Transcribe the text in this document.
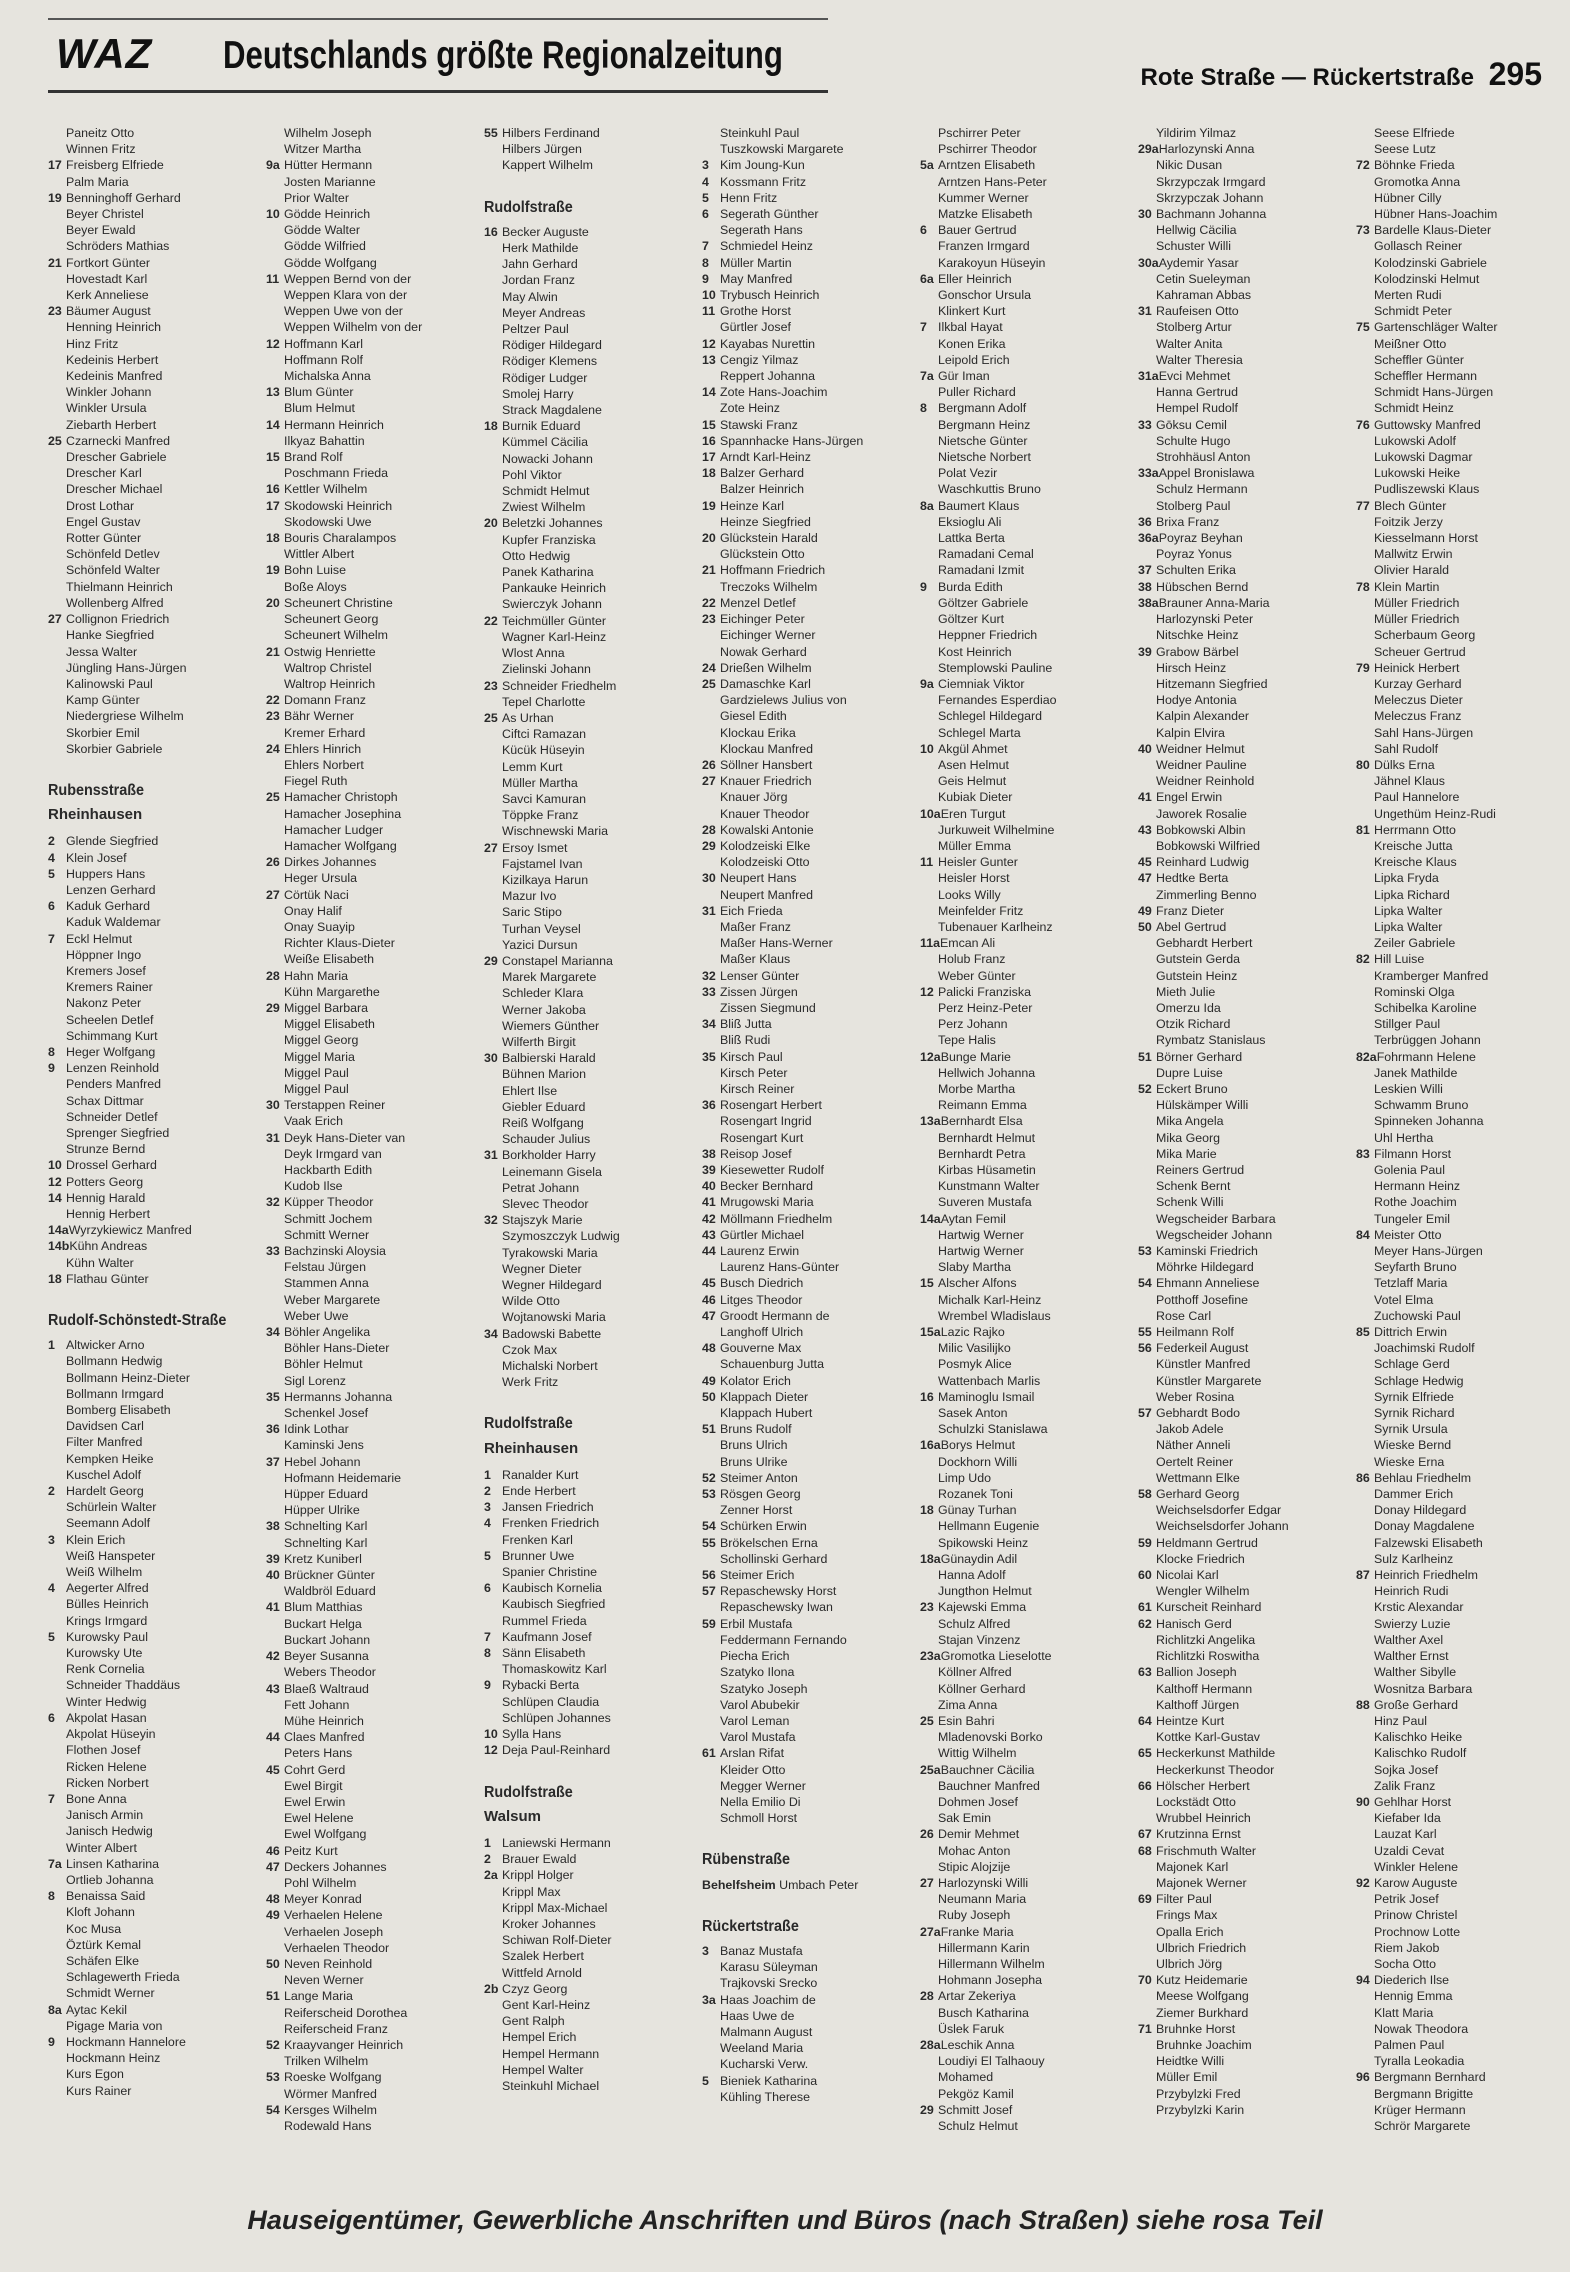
WAZ Deutschlands größte Regionalzeitung
Rote Straße — Rückertstraße 295
Paneitz Otto
Winnen Fritz
17 Freisberg Elfriede
Palm Maria
19 Benninghoff Gerhard
Beyer Christel
Beyer Ewald
Schröders Mathias
21 Fortkort Günter
Hovestadt Karl
Kerk Anneliese
23 Bäumer August
Henning Heinrich
Hinz Fritz
Kedeinis Herbert
Kedeinis Manfred
Winkler Johann
Winkler Ursula
Ziebarth Herbert
25 Czarnecki Manfred
Drescher Gabriele
Drescher Karl
Drescher Michael
Drost Lothar
Engel Gustav
Rotter Günter
Schönfeld Detlev
Schönfeld Walter
Thielmann Heinrich
Wollenberg Alfred
27 Collignon Friedrich
Hanke Siegfried
Jessa Walter
Jüngling Hans-Jürgen
Kalinowski Paul
Kamp Günter
Niedergriese Wilhelm
Skorbier Emil
Skorbier Gabriele
Rubensstraße
Rheinhausen
2 Glende Siegfried
4 Klein Josef
5 Huppers Hans
Lenzen Gerhard
6 Kaduk Gerhard
Kaduk Waldemar
7 Eckl Helmut
Höppner Ingo
Kremers Josef
Kremers Rainer
Nakonz Peter
Scheelen Detlef
Schimmang Kurt
8 Heger Wolfgang
9 Lenzen Reinhold
Penders Manfred
Schax Dittmar
Schneider Detlef
Sprenger Siegfried
Strunze Bernd
10 Drossel Gerhard
12 Potters Georg
14 Hennig Harald
Hennig Herbert
14aWyrzykiewicz Manfred
14bKühn Andreas
Kühn Walter
18 Flathau Günter
Rudolf-Schönstedt-Straße
1 Altwicker Arno
Bollmann Hedwig
Bollmann Heinz-Dieter
Bollmann Irmgard
Bomberg Elisabeth
Davidsen Carl
Filter Manfred
Kempken Heike
Kuschel Adolf
2 Hardelt Georg
Schürlein Walter
Seemann Adolf
3 Klein Erich
Weiß Hanspeter
Weiß Wilhelm
4 Aegerter Alfred
Bülles Heinrich
Krings Irmgard
5 Kurowsky Paul
Kurowsky Ute
Renk Cornelia
Schneider Thaddäus
Winter Hedwig
6 Akpolat Hasan
Akpolat Hüseyin
Flothen Josef
Ricken Helene
Ricken Norbert
7 Bone Anna
Janisch Armin
Janisch Hedwig
Winter Albert
7a Linsen Katharina
Ortlieb Johanna
8 Benaissa Said
Kloft Johann
Koc Musa
Öztürk Kemal
Schäfen Elke
Schlagewerth Frieda
Schmidt Werner
8a Aytac Kekil
Pigage Maria von
9 Hockmann Hannelore
Hockmann Heinz
Kurs Egon
Kurs Rainer
Wilhelm Joseph
Witzer Martha
9a Hütter Hermann
Josten Marianne
Prior Walter
10 Gödde Heinrich
Gödde Walter
Gödde Wilfried
Gödde Wolfgang
11 Weppen Bernd von der
Weppen Klara von der
Weppen Uwe von der
Weppen Wilhelm von der
12 Hoffmann Karl
Hoffmann Rolf
Michalska Anna
13 Blum Günter
Blum Helmut
14 Hermann Heinrich
Ilkyaz Bahattin
15 Brand Rolf
Poschmann Frieda
16 Kettler Wilhelm
17 Skodowski Heinrich
Skodowski Uwe
18 Bouris Charalampos
Wittler Albert
19 Bohn Luise
Boße Aloys
20 Scheunert Christine
Scheunert Georg
Scheunert Wilhelm
21 Ostwig Henriette
Waltrop Christel
Waltrop Heinrich
22 Domann Franz
23 Bähr Werner
Kremer Erhard
24 Ehlers Hinrich
Ehlers Norbert
Fiegel Ruth
25 Hamacher Christoph
Hamacher Josephina
Hamacher Ludger
Hamacher Wolfgang
26 Dirkes Johannes
Heger Ursula
27 Cörtük Naci
Onay Halif
Onay Suayip
Richter Klaus-Dieter
Weiße Elisabeth
28 Hahn Maria
Kühn Margarethe
29 Miggel Barbara
Miggel Elisabeth
Miggel Georg
Miggel Maria
Miggel Paul
Miggel Paul
30 Terstappen Reiner
Vaak Erich
31 Deyk Hans-Dieter van
Deyk Irmgard van
Hackbarth Edith
Kudob Ilse
32 Küpper Theodor
Schmitt Jochem
Schmitt Werner
33 Bachzinski Aloysia
Felstau Jürgen
Stammen Anna
Weber Margarete
Weber Uwe
34 Böhler Angelika
Böhler Hans-Dieter
Böhler Helmut
Sigl Lorenz
35 Hermanns Johanna
Schenkel Josef
36 Idink Lothar
Kaminski Jens
37 Hebel Johann
Hofmann Heidemarie
Hüpper Eduard
Hüpper Ulrike
38 Schnelting Karl
Schnelting Karl
39 Kretz Kuniberl
40 Brückner Günter
Waldbröl Eduard
41 Blum Matthias
Buckart Helga
Buckart Johann
42 Beyer Susanna
Webers Theodor
43 Blaeß Waltraud
Fett Johann
Mühe Heinrich
44 Claes Manfred
Peters Hans
45 Cohrt Gerd
Ewel Birgit
Ewel Erwin
Ewel Helene
Ewel Wolfgang
46 Peitz Kurt
47 Deckers Johannes
Pohl Wilhelm
48 Meyer Konrad
49 Verhaelen Helene
Verhaelen Joseph
Verhaelen Theodor
50 Neven Reinhold
Neven Werner
51 Lange Maria
Reiferscheid Dorothea
Reiferscheid Franz
52 Kraayvanger Heinrich
Trilken Wilhelm
53 Roeske Wolfgang
Wörmer Manfred
54 Kersges Wilhelm
Rodewald Hans
55 Hilbers Ferdinand
Hilbers Jürgen
Kappert Wilhelm
Rudolfstraße
16 Becker Auguste
Herk Mathilde
Jahn Gerhard
Jordan Franz
May Alwin
Meyer Andreas
Peltzer Paul
Rödiger Hildegard
Rödiger Klemens
Rödiger Ludger
Smolej Harry
Strack Magdalene
18 Burnik Eduard
Kümmel Cäcilia
Nowacki Johann
Pohl Viktor
Schmidt Helmut
Zwiest Wilhelm
20 Beletzki Johannes
Kupfer Franziska
Otto Hedwig
Panek Katharina
Pankauke Heinrich
Swierczyk Johann
22 Teichmüller Günter
Wagner Karl-Heinz
Wlost Anna
Zielinski Johann
23 Schneider Friedhelm
Tepel Charlotte
25 As Urhan
Ciftci Ramazan
Kücük Hüseyin
Lemm Kurt
Müller Martha
Savci Kamuran
Töppke Franz
Wischnewski Maria
27 Ersoy Ismet
Fajstamel Ivan
Kizilkaya Harun
Mazur Ivo
Saric Stipo
Turhan Veysel
Yazici Dursun
29 Constapel Marianna
Marek Margarete
Schleder Klara
Werner Jakoba
Wiemers Günther
Wilferth Birgit
30 Balbierski Harald
Bühnen Marion
Ehlert Ilse
Giebler Eduard
Reiß Wolfgang
Schauder Julius
31 Borkholder Harry
Leinemann Gisela
Petrat Johann
Slevec Theodor
32 Stajszyk Marie
Szymoszczyk Ludwig
Tyrakowski Maria
Wegner Dieter
Wegner Hildegard
Wilde Otto
Wojtanowski Maria
34 Badowski Babette
Czok Max
Michalski Norbert
Werk Fritz
Rudolfstraße
Rheinhausen
1 Ranalder Kurt
2 Ende Herbert
3 Jansen Friedrich
4 Frenken Friedrich
Frenken Karl
5 Brunner Uwe
Spanier Christine
6 Kaubisch Kornelia
Kaubisch Siegfried
Rummel Frieda
7 Kaufmann Josef
8 Sänn Elisabeth
Thomaskowitz Karl
9 Rybacki Berta
Schlüpen Claudia
Schlüpen Johannes
10 Sylla Hans
12 Deja Paul-Reinhard
Rudolfstraße
Walsum
1 Laniewski Hermann
2 Brauer Ewald
2a Krippl Holger
Krippl Max
Krippl Max-Michael
Kroker Johannes
Schiwan Rolf-Dieter
Szalek Herbert
Wittfeld Arnold
2b Czyz Georg
Gent Karl-Heinz
Gent Ralph
Hempel Erich
Hempel Hermann
Hempel Walter
Steinkuhl Michael
Steinkuhl Paul
Tuszkowski Margarete
3 Kim Joung-Kun
4 Kossmann Fritz
5 Henn Fritz
6 Segerath Günther
Segerath Hans
7 Schmiedel Heinz
8 Müller Martin
9 May Manfred
10 Trybusch Heinrich
11 Grothe Horst
Gürtler Josef
12 Kayabas Nurettin
13 Cengiz Yilmaz
Reppert Johanna
14 Zote Hans-Joachim
Zote Heinz
15 Stawski Franz
16 Spannhacke Hans-Jürgen
17 Arndt Karl-Heinz
18 Balzer Gerhard
Balzer Heinrich
19 Heinze Karl
Heinze Siegfried
20 Glückstein Harald
Glückstein Otto
21 Hoffmann Friedrich
Treczoks Wilhelm
22 Menzel Detlef
23 Eichinger Peter
Eichinger Werner
Nowak Gerhard
24 Drießen Wilhelm
25 Damaschke Karl
Gardzielews Julius von
Giesel Edith
Klockau Erika
Klockau Manfred
26 Söllner Hansbert
27 Knauer Friedrich
Knauer Jörg
Knauer Theodor
28 Kowalski Antonie
29 Kolodzeiski Elke
Kolodzeiski Otto
30 Neupert Hans
Neupert Manfred
31 Eich Frieda
Maßer Franz
Maßer Hans-Werner
Maßer Klaus
32 Lenser Günter
33 Zissen Jürgen
Zissen Siegmund
34 Bliß Jutta
Bliß Rudi
35 Kirsch Paul
Kirsch Peter
Kirsch Reiner
36 Rosengart Herbert
Rosengart Ingrid
Rosengart Kurt
38 Reisop Josef
39 Kiesewetter Rudolf
40 Becker Bernhard
41 Mrugowski Maria
42 Möllmann Friedhelm
43 Gürtler Michael
44 Laurenz Erwin
Laurenz Hans-Günter
45 Busch Diedrich
46 Litges Theodor
47 Groodt Hermann de
Langhoff Ulrich
48 Gouverne Max
Schauenburg Jutta
49 Kolator Erich
50 Klappach Dieter
Klappach Hubert
51 Bruns Rudolf
Bruns Ulrich
Bruns Ulrike
52 Steimer Anton
53 Rösgen Georg
Zenner Horst
54 Schürken Erwin
55 Brökelschen Erna
Schollinski Gerhard
56 Steimer Erich
57 Repaschewsky Horst
Repaschewsky Iwan
59 Erbil Mustafa
Feddermann Fernando
Piecha Erich
Szatyko Ilona
Szatyko Joseph
Varol Abubekir
Varol Leman
Varol Mustafa
61 Arslan Rifat
Kleider Otto
Megger Werner
Nella Emilio Di
Schmoll Horst
Rübenstraße
Behelfsheim Umbach Peter
Rückertstraße
3 Banaz Mustafa
Karasu Süleyman
Trajkovski Srecko
3a Haas Joachim de
Haas Uwe de
Malmann August
Weeland Maria
Kucharski Verw.
5 Bieniek Katharina
Kühling Therese
Pschirrer Peter
Pschirrer Theodor
5a Arntzen Elisabeth
Arntzen Hans-Peter
Kummer Werner
Matzke Elisabeth
6 Bauer Gertrud
Franzen Irmgard
Karakoyun Hüseyin
6a Eller Heinrich
Gonschor Ursula
Klinkert Kurt
7 Ilkbal Hayat
Konen Erika
Leipold Erich
7a Gür Iman
Puller Richard
8 Bergmann Adolf
Bergmann Heinz
Nietsche Günter
Nietsche Norbert
Polat Vezir
Waschkuttis Bruno
8a Baumert Klaus
Eksioglu Ali
Lattka Berta
Ramadani Cemal
Ramadani Izmit
9 Burda Edith
Göltzer Gabriele
Göltzer Kurt
Heppner Friedrich
Kost Heinrich
Stemplowski Pauline
9a Ciemniak Viktor
Fernandes Esperdiao
Schlegel Hildegard
Schlegel Marta
10 Akgül Ahmet
Asen Helmut
Geis Helmut
Kubiak Dieter
10aEren Turgut
Jurkuweit Wilhelmine
Müller Emma
11 Heisler Gunter
Heisler Horst
Looks Willy
Meinfelder Fritz
Tubenauer Karlheinz
11aEmcan Ali
Holub Franz
Weber Günter
12 Palicki Franziska
Perz Heinz-Peter
Perz Johann
Tepe Halis
12aBunge Marie
Hellwich Johanna
Morbe Martha
Reimann Emma
13aBernhardt Elsa
Bernhardt Helmut
Bernhardt Petra
Kirbas Hüsametin
Kunstmann Walter
Suveren Mustafa
14aAytan Femil
Hartwig Werner
Hartwig Werner
Slaby Martha
15 Alscher Alfons
Michalk Karl-Heinz
Wrembel Wladislaus
15aLazic Rajko
Milic Vasilijko
Posmyk Alice
Wattenbach Marlis
16 Maminoglu Ismail
Sasek Anton
Schulzki Stanislawa
16aBorys Helmut
Dockhorn Willi
Limp Udo
Rozanek Toni
18 Günay Turhan
Hellmann Eugenie
Spikowski Heinz
18aGünaydin Adil
Hanna Adolf
Jungthon Helmut
23 Kajewski Emma
Schulz Alfred
Stajan Vinzenz
23aGromotka Lieselotte
Köllner Alfred
Köllner Gerhard
Zima Anna
25 Esin Bahri
Mladenovski Borko
Wittig Wilhelm
25aBauchner Cäcilia
Bauchner Manfred
Dohmen Josef
Sak Emin
26 Demir Mehmet
Mohac Anton
Stipic Alojzije
27 Harlozynski Willi
Neumann Maria
Ruby Joseph
27aFranke Maria
Hillermann Karin
Hillermann Wilhelm
Hohmann Josepha
28 Artar Zekeriya
Busch Katharina
Üslek Faruk
28aLeschik Anna
Loudiyi El Talhaouy
Mohamed
Pekgöz Kamil
29 Schmitt Josef
Schulz Helmut
Yildirim Yilmaz
29aHarlozynski Anna
Nikic Dusan
Skrzypczak Irmgard
Skrzypczak Johann
30 Bachmann Johanna
Hellwig Cäcilia
Schuster Willi
30aAydemir Yasar
Cetin Sueleyman
Kahraman Abbas
31 Raufeisen Otto
Stolberg Artur
Walter Anita
Walter Theresia
31aEvci Mehmet
Hanna Gertrud
Hempel Rudolf
33 Gōksu Cemil
Schulte Hugo
Strohhäusl Anton
33aAppel Bronislawa
Schulz Hermann
Stolberg Paul
36 Brixa Franz
36aPoyraz Beyhan
Poyraz Yonus
37 Schulten Erika
38 Hübschen Bernd
38aBrauner Anna-Maria
Harlozynski Peter
Nitschke Heinz
39 Grabow Bärbel
Hirsch Heinz
Hitzemann Siegfried
Hodye Antonia
Kalpin Alexander
Kalpin Elvira
40 Weidner Helmut
Weidner Pauline
Weidner Reinhold
41 Engel Erwin
Jaworek Rosalie
43 Bobkowski Albin
Bobkowski Wilfried
45 Reinhard Ludwig
47 Hedtke Berta
Zimmerling Benno
49 Franz Dieter
50 Abel Gertrud
Gebhardt Herbert
Gutstein Gerda
Gutstein Heinz
Mieth Julie
Omerzu Ida
Otzik Richard
Rymbatz Stanislaus
51 Börner Gerhard
Dupre Luise
52 Eckert Bruno
Hülskämper Willi
Mika Angela
Mika Georg
Mika Marie
Reiners Gertrud
Schenk Bernt
Schenk Willi
Wegscheider Barbara
Wegscheider Johann
53 Kaminski Friedrich
Möhrke Hildegard
54 Ehmann Anneliese
Potthoff Josefine
Rose Carl
55 Heilmann Rolf
56 Federkeil August
Künstler Manfred
Künstler Margarete
Weber Rosina
57 Gebhardt Bodo
Jakob Adele
Näther Anneli
Oertelt Reiner
Wettmann Elke
58 Gerhard Georg
Weichselsdorfer Edgar
Weichselsdorfer Johann
59 Heldmann Gertrud
Klocke Friedrich
60 Nicolai Karl
Wengler Wilhelm
61 Kurscheit Reinhard
62 Hanisch Gerd
Richlitzki Angelika
Richlitzki Roswitha
63 Ballion Joseph
Kalthoff Hermann
Kalthoff Jürgen
64 Heintze Kurt
Kottke Karl-Gustav
65 Heckerkunst Mathilde
Heckerkunst Theodor
66 Hölscher Herbert
Lockstädt Otto
Wrubbel Heinrich
67 Krutzinna Ernst
68 Frischmuth Walter
Majonek Karl
Majonek Werner
69 Filter Paul
Frings Max
Opalla Erich
Ulbrich Friedrich
Ulbrich Jörg
70 Kutz Heidemarie
Meese Wolfgang
Ziemer Burkhard
71 Bruhnke Horst
Bruhnke Joachim
Heidtke Willi
Müller Emil
Przybylzki Fred
Przybylzki Karin
Seese Elfriede
Seese Lutz
72 Böhnke Frieda
Gromotka Anna
Hübner Cilly
Hübner Hans-Joachim
73 Bardelle Klaus-Dieter
Gollasch Reiner
Kolodzinski Gabriele
Kolodzinski Helmut
Merten Rudi
Schmidt Peter
75 Gartenschläger Walter
Meißner Otto
Scheffler Günter
Scheffler Hermann
Schmidt Hans-Jürgen
Schmidt Heinz
76 Guttowsky Manfred
Lukowski Adolf
Lukowski Dagmar
Lukowski Heike
Pudliszewski Klaus
77 Blech Günter
Foitzik Jerzy
Kiesselmann Horst
Mallwitz Erwin
Olivier Harald
78 Klein Martin
Müller Friedrich
Müller Friedrich
Scherbaum Georg
Scheuer Gertrud
79 Heinick Herbert
Kurzay Gerhard
Meleczus Dieter
Meleczus Franz
Sahl Hans-Jürgen
Sahl Rudolf
80 Dülks Erna
Jähnel Klaus
Paul Hannelore
Ungethüm Heinz-Rudi
81 Herrmann Otto
Kreische Jutta
Kreische Klaus
Lipka Fryda
Lipka Richard
Lipka Walter
Lipka Walter
Zeiler Gabriele
82 Hill Luise
Kramberger Manfred
Rominski Olga
Schibelka Karoline
Stillger Paul
Terbrüggen Johann
82aFohrmann Helene
Janek Mathilde
Leskien Willi
Schwamm Bruno
Spinneken Johanna
Uhl Hertha
83 Filmann Horst
Golenia Paul
Hermann Heinz
Rothe Joachim
Tungeler Emil
84 Meister Otto
Meyer Hans-Jürgen
Seyfarth Bruno
Tetzlaff Maria
Votel Elma
Zuchowski Paul
85 Dittrich Erwin
Joachimski Rudolf
Schlage Gerd
Schlage Hedwig
Syrnik Elfriede
Syrnik Richard
Syrnik Ursula
Wieske Bernd
Wieske Erna
86 Behlau Friedhelm
Dammer Erich
Donay Hildegard
Donay Magdalene
Falzewski Elisabeth
Sulz Karlheinz
87 Heinrich Friedhelm
Heinrich Rudi
Krstic Alexandar
Swierzy Luzie
Walther Axel
Walther Ernst
Walther Sibylle
Wosnitza Barbara
88 Große Gerhard
Hinz Paul
Kalischko Heike
Kalischko Rudolf
Sojka Josef
Zalik Franz
90 Gehlhar Horst
Kiefaber Ida
Lauzat Karl
Uzaldi Cevat
Winkler Helene
92 Karow Auguste
Petrik Josef
Prinow Christel
Prochnow Lotte
Riem Jakob
Socha Otto
94 Diederich Ilse
Hennig Emma
Klatt Maria
Nowak Theodora
Palmen Paul
Tyralla Leokadia
96 Bergmann Bernhard
Bergmann Brigitte
Krüger Hermann
Schrör Margarete
Hauseigentümer, Gewerbliche Anschriften und Büros (nach Straßen) siehe rosa Teil
